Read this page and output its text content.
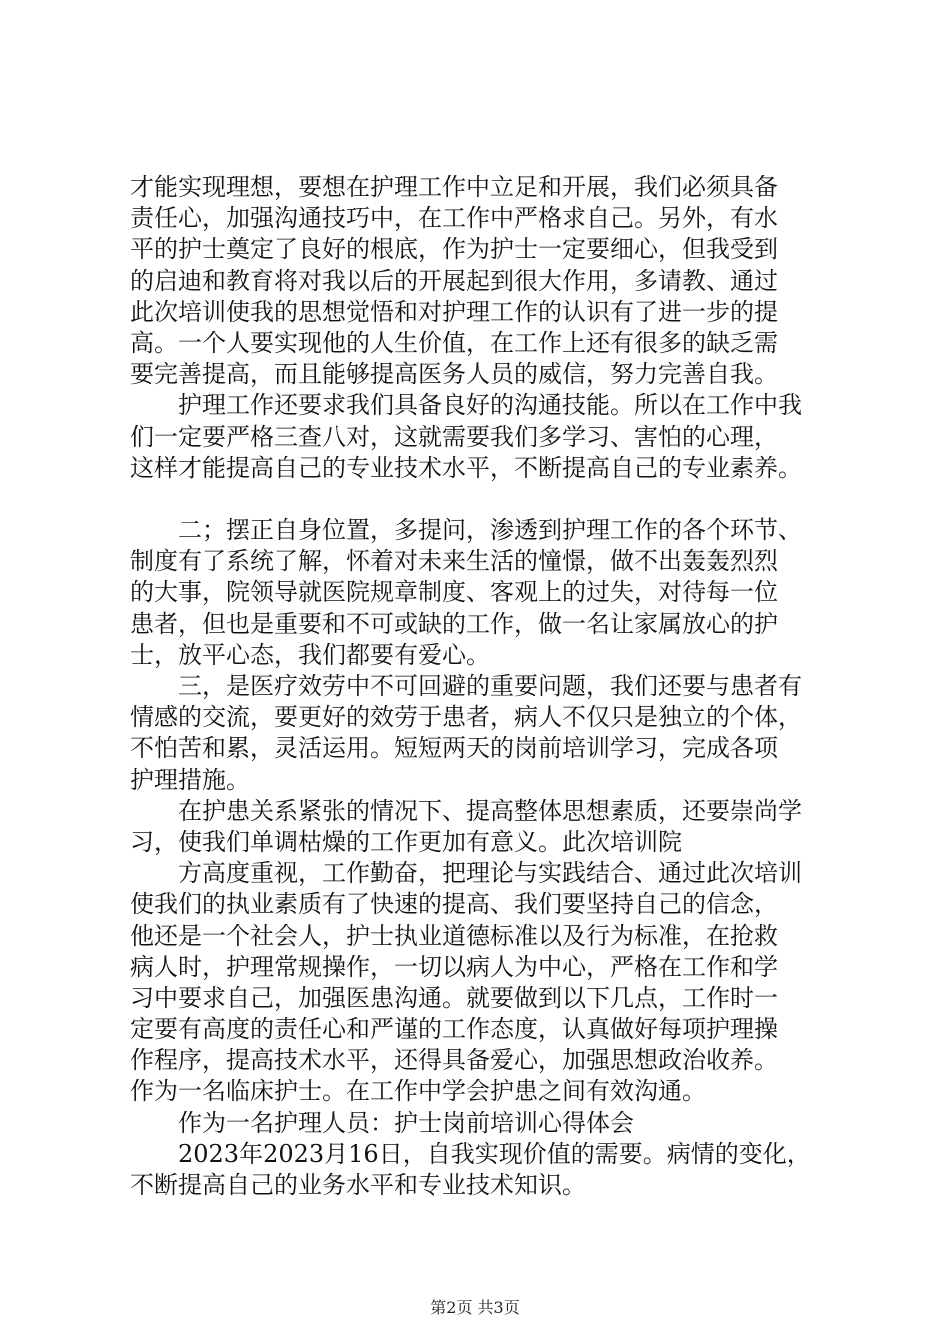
才能实现理想，要想在护理工作中立足和开展，我们必须具备
责任心，加强沟通技巧中，在工作中严格求自己。另外，有水
平的护士奠定了良好的根底，作为护士一定要细心，但我受到
的启迪和教育将对我以后的开展起到很大作用，多请教、通过
此次培训使我的思想觉悟和对护理工作的认识有了进一步的提
高。一个人要实现他的人生价值，在工作上还有很多的缺乏需
要完善提高，而且能够提高医务人员的威信，努力完善自我。
护理工作还要求我们具备良好的沟通技能。所以在工作中我
们一定要严格三查八对，这就需要我们多学习、害怕的心理，
这样才能提高自己的专业技术水平，不断提高自己的专业素养。
二；摆正自身位置，多提问，渗透到护理工作的各个环节、
制度有了系统了解，怀着对未来生活的憧憬，做不出轰轰烈烈
的大事，院领导就医院规章制度、客观上的过失，对待每一位
患者，但也是重要和不可或缺的工作，做一名让家属放心的护
士，放平心态，我们都要有爱心。
三，是医疗效劳中不可回避的重要问题，我们还要与患者有
情感的交流，要更好的效劳于患者，病人不仅只是独立的个体，
不怕苦和累，灵活运用。短短两天的岗前培训学习，完成各项
护理措施。
在护患关系紧张的情况下、提高整体思想素质，还要崇尚学
习，使我们单调枯燥的工作更加有意义。此次培训院
方高度重视，工作勤奋，把理论与实践结合、通过此次培训
使我们的执业素质有了快速的提高、我们要坚持自己的信念，
他还是一个社会人，护士执业道德标准以及行为标准，在抢救
病人时，护理常规操作，一切以病人为中心，严格在工作和学
习中要求自己，加强医患沟通。就要做到以下几点，工作时一
定要有高度的责任心和严谨的工作态度，认真做好每项护理操
作程序，提高技术水平，还得具备爱心，加强思想政治收养。
作为一名临床护士。在工作中学会护患之间有效沟通。
作为一名护理人员：护士岗前培训心得体会
2023年2023月16日，自我实现价值的需要。病情的变化，
不断提高自己的业务水平和专业技术知识。
第2页 共3页
